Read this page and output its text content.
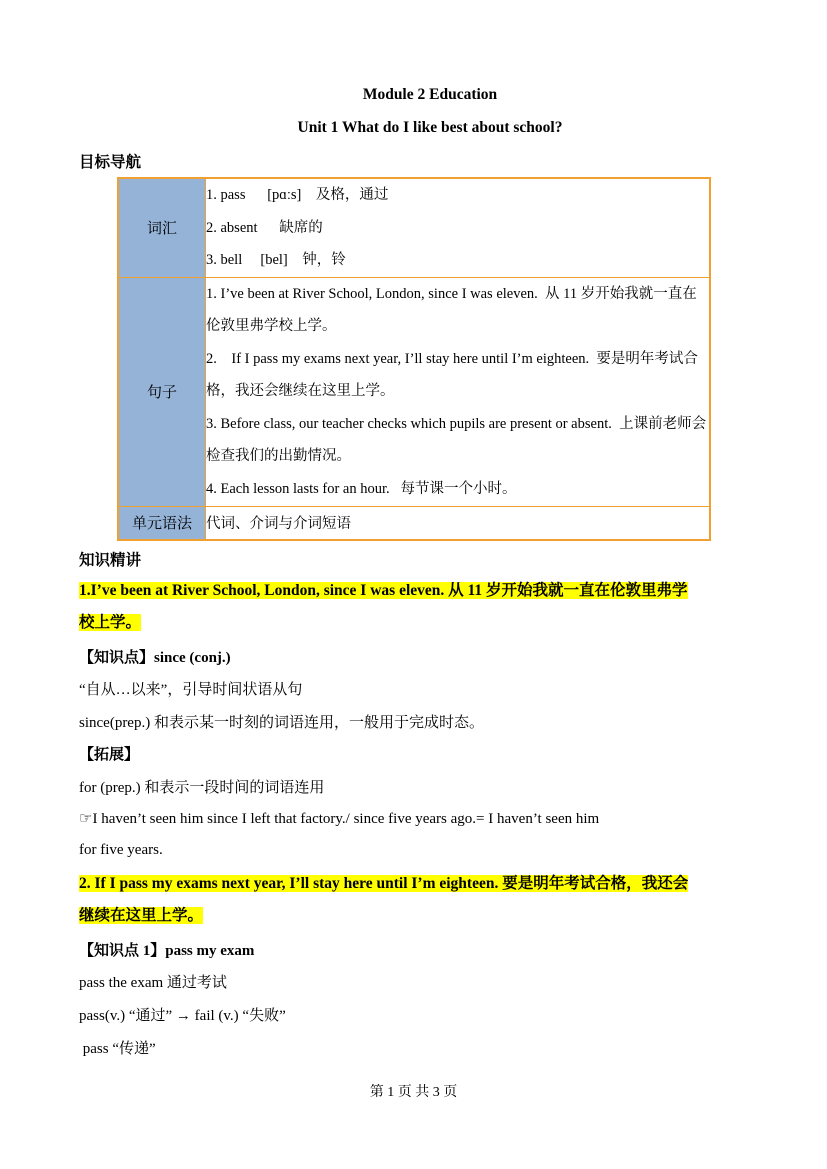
Module 2 Education
Unit 1 What do I like best about school?
目标导航
词汇	1. pass      [pɑːs]    及格，通过
2. absent      缺席的
3. bell     [bel]    钟，铃

句子	1. I’ve been at River School, London, since I was eleven.  从 11 岁开始我就一直在伦敦里弗学校上学。
2.    If I pass my exams next year, I’ll stay here until I’m eighteen.  要是明年考试合格，我还会继续在这里上学。
3. Before class, our teacher checks which pupils are present or absent.  上课前老师会检查我们的出勤情况。
4. Each lesson lasts for an hour.   每节课一个小时。

单元语法	代词、介词与介词短语
知识精讲
1.I’ve been at River School, London, since I was eleven. 从 11 岁开始我就一直在伦敦里弗学
校上学。
【知识点】since (conj.)
“自从…以来”，引导时间状语从句
since(prep.) 和表示某一时刻的词语连用，一般用于完成时态。
【拓展】
for (prep.) 和表示一段时间的词语连用
☞I haven’t seen him since I left that factory./ since five years ago.= I haven’t seen him
for five years.
2. If I pass my exams next year, I’ll stay here until I’m eighteen. 要是明年考试合格，我还会
继续在这里上学。
【知识点 1】pass my exam
pass the exam 通过考试
pass(v.) “通过” → fail (v.) “失败”
pass “传递”
第 1 页 共 3 页
